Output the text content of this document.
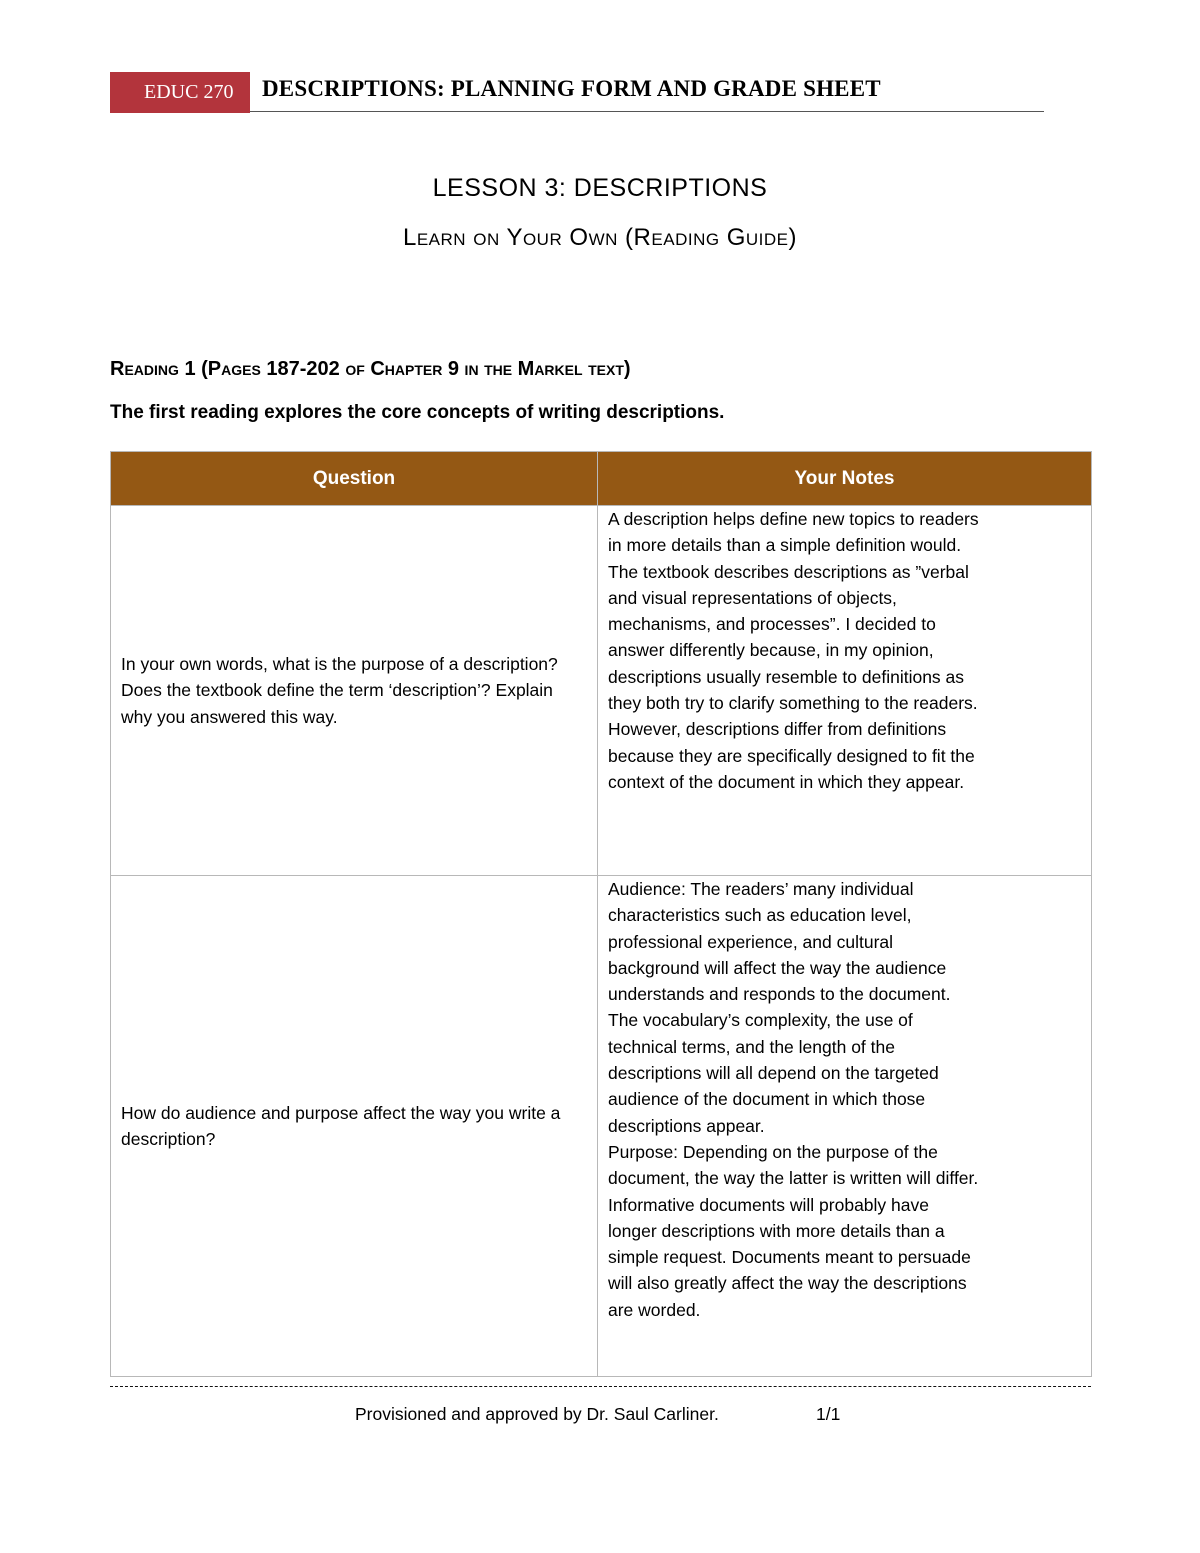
EDUC 270	DESCRIPTIONS: PLANNING FORM AND GRADE SHEET
LESSON 3: DESCRIPTIONS
Learn on Your Own (Reading Guide)
Reading 1 (Pages 187-202 of Chapter 9 in the Markel text)
The first reading explores the core concepts of writing descriptions.
Question	Your Notes
In your own words, what is the purpose of a description? Does the textbook define the term ‘description’? Explain why you answered this way.	A description helps define new topics to readers in more details than a simple definition would. The textbook describes descriptions as ”verbal and visual representations of objects, mechanisms, and processes”. I decided to answer differently because, in my opinion, descriptions usually resemble to definitions as they both try to clarify something to the readers. However, descriptions differ from definitions because they are specifically designed to fit the context of the document in which they appear.

How do audience and purpose affect the way you write a description?	Audience: The readers’ many individual characteristics such as education level, professional experience, and cultural background will affect the way the audience understands and responds to the document. The vocabulary’s complexity, the use of technical terms, and the length of the descriptions will all depend on the targeted audience of the document in which those descriptions appear.
Purpose: Depending on the purpose of the document, the way the latter is written will differ. Informative documents will probably have longer descriptions with more details than a simple request. Documents meant to persuade will also greatly affect the way the descriptions are worded.
Provisioned and approved by Dr. Saul Carliner.	1/1
